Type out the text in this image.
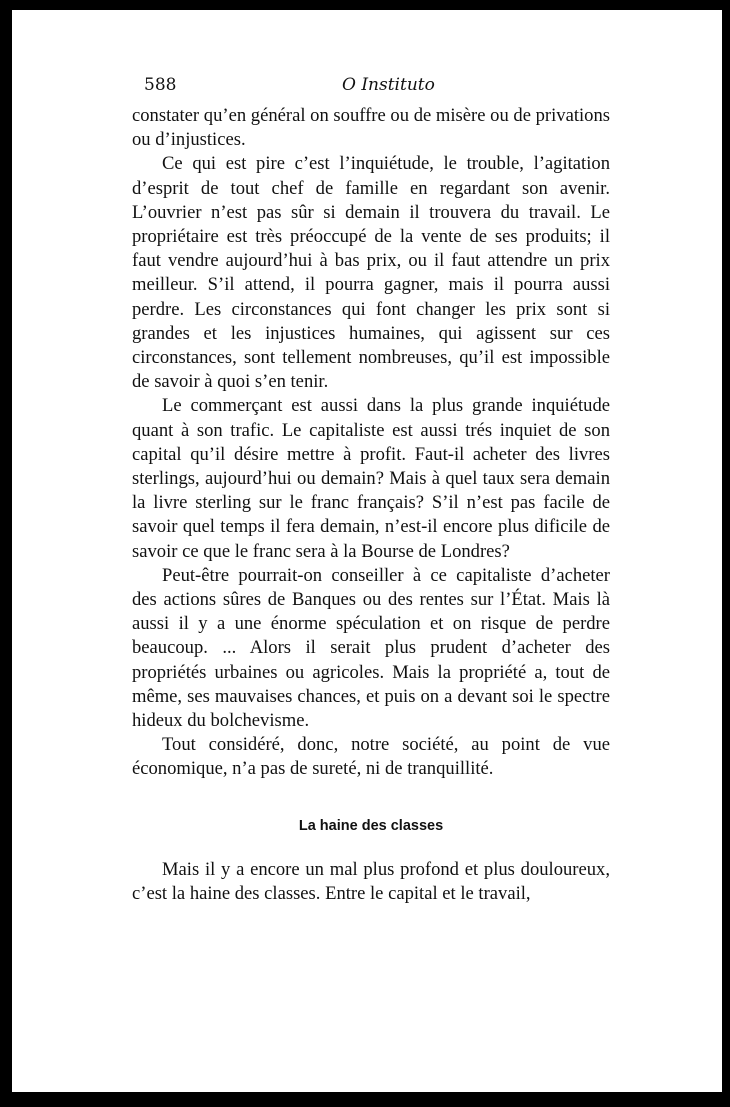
588	O Instituto

constater qu’en général on souffre ou de misère ou de privations ou d’injustices.

Ce qui est pire c’est l’inquiétude, le trouble, l’agitation d’esprit de tout chef de famille en regardant son avenir. L’ouvrier n’est pas sûr si demain il trouvera du travail. Le propriétaire est très préoccupé de la vente de ses produits; il faut vendre aujourd’hui à bas prix, ou il faut attendre un prix meilleur. S’il attend, il pourra gagner, mais il pourra aussi perdre. Les circonstances qui font changer les prix sont si grandes et les injustices humaines, qui agissent sur ces circonstances, sont tellement nombreuses, qu’il est impossible de savoir à quoi s’en tenir.

Le commerçant est aussi dans la plus grande inquiétude quant à son trafic. Le capitaliste est aussi trés inquiet de son capital qu’il désire mettre à profit. Faut-il acheter des livres sterlings, aujourd’hui ou demain? Mais à quel taux sera demain la livre sterling sur le franc français? S’il n’est pas facile de savoir quel temps il fera demain, n’est-il encore plus dificile de savoir ce que le franc sera à la Bourse de Londres?

Peut-être pourrait-on conseiller à ce capitaliste d’acheter des actions sûres de Banques ou des rentes sur l’État. Mais là aussi il y a une énorme spéculation et on risque de perdre beaucoup. ... Alors il serait plus prudent d’acheter des propriétés urbaines ou agricoles. Mais la propriété a, tout de même, ses mauvaises chances, et puis on a devant soi le spectre hideux du bolchevisme.

Tout considéré, donc, notre société, au point de vue économique, n’a pas de sureté, ni de tranquillité.

La haine des classes

Mais il y a encore un mal plus profond et plus douloureux, c’est la haine des classes. Entre le capital et le travail,
